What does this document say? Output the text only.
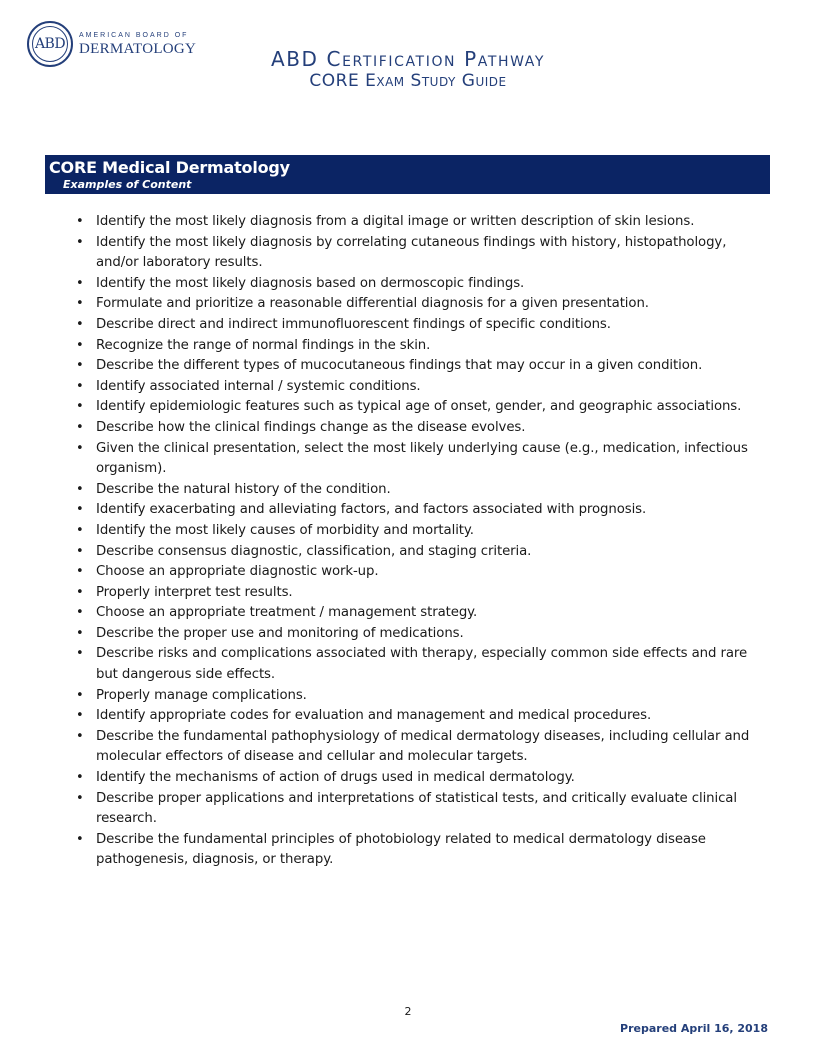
ABD
AMERICAN BOARD OF
DERMATOLOGY	ABD Certification Pathway
CORE Exam Study Guide
CORE Medical Dermatology
Examples of Content
• Identify the most likely diagnosis from a digital image or written description of skin lesions.
• Identify the most likely diagnosis by correlating cutaneous findings with history, histopathology, and/or laboratory results.
• Identify the most likely diagnosis based on dermoscopic findings.
• Formulate and prioritize a reasonable differential diagnosis for a given presentation.
• Describe direct and indirect immunofluorescent findings of specific conditions.
• Recognize the range of normal findings in the skin.
• Describe the different types of mucocutaneous findings that may occur in a given condition.
• Identify associated internal / systemic conditions.
• Identify epidemiologic features such as typical age of onset, gender, and geographic associations.
• Describe how the clinical findings change as the disease evolves.
• Given the clinical presentation, select the most likely underlying cause (e.g., medication, infectious organism).
• Describe the natural history of the condition.
• Identify exacerbating and alleviating factors, and factors associated with prognosis.
• Identify the most likely causes of morbidity and mortality.
• Describe consensus diagnostic, classification, and staging criteria.
• Choose an appropriate diagnostic work-up.
• Properly interpret test results.
• Choose an appropriate treatment / management strategy.
• Describe the proper use and monitoring of medications.
• Describe risks and complications associated with therapy, especially common side effects and rare but dangerous side effects.
• Properly manage complications.
• Identify appropriate codes for evaluation and management and medical procedures.
• Describe the fundamental pathophysiology of medical dermatology diseases, including cellular and molecular effectors of disease and cellular and molecular targets.
• Identify the mechanisms of action of drugs used in medical dermatology.
• Describe proper applications and interpretations of statistical tests, and critically evaluate clinical research.
• Describe the fundamental principles of photobiology related to medical dermatology disease pathogenesis, diagnosis, or therapy.
2
Prepared April 16, 2018
